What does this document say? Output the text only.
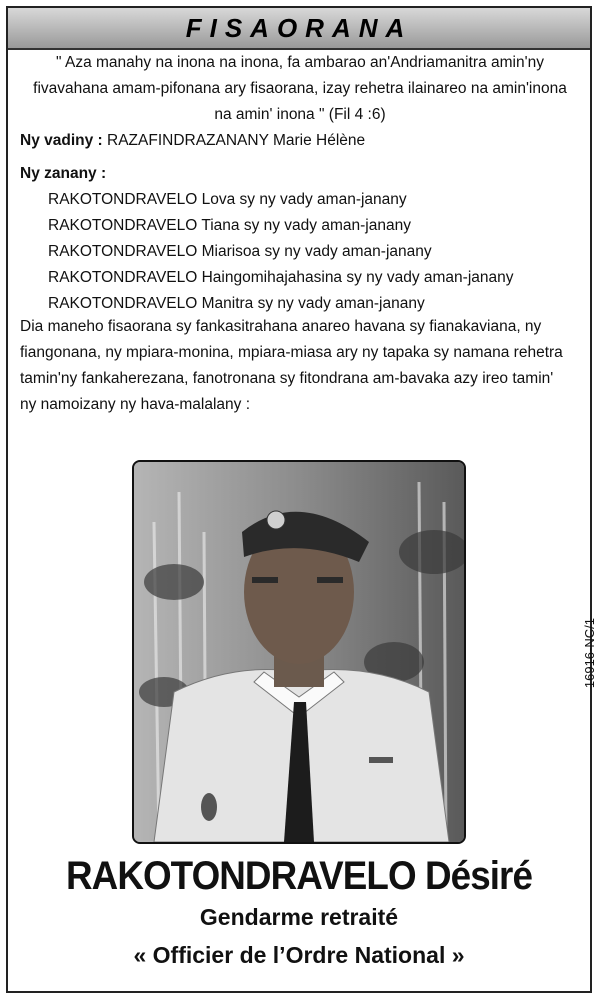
FISAORANA
" Aza manahy na inona na inona, fa ambarao an'Andriamanitra amin'ny
fivavahana amam-pifonana ary fisaorana, izay rehetra ilainareo na amin'inona
na amin' inona " (Fil 4 :6)
Ny vadiny : RAZAFINDRAZANANY Marie Hélène
Ny zanany :
RAKOTONDRAVELO Lova sy ny vady aman-janany
RAKOTONDRAVELO Tiana sy ny vady aman-janany
RAKOTONDRAVELO Miarisoa sy ny vady aman-janany
RAKOTONDRAVELO Haingomihajahasina sy ny vady aman-janany
RAKOTONDRAVELO Manitra sy ny vady aman-janany
Dia maneho fisaorana sy fankasitrahana anareo havana sy fianakaviana, ny
fiangonana, ny mpiara-monina, mpiara-miasa ary ny tapaka sy namana rehetra
tamin'ny fankaherezana, fanotronana sy fitondrana am-bavaka azy ireo tamin'
ny namoizany ny hava-malalany :
16916-NC/1
RAKOTONDRAVELO Désiré
Gendarme retraité
« Officier de l’Ordre National »
